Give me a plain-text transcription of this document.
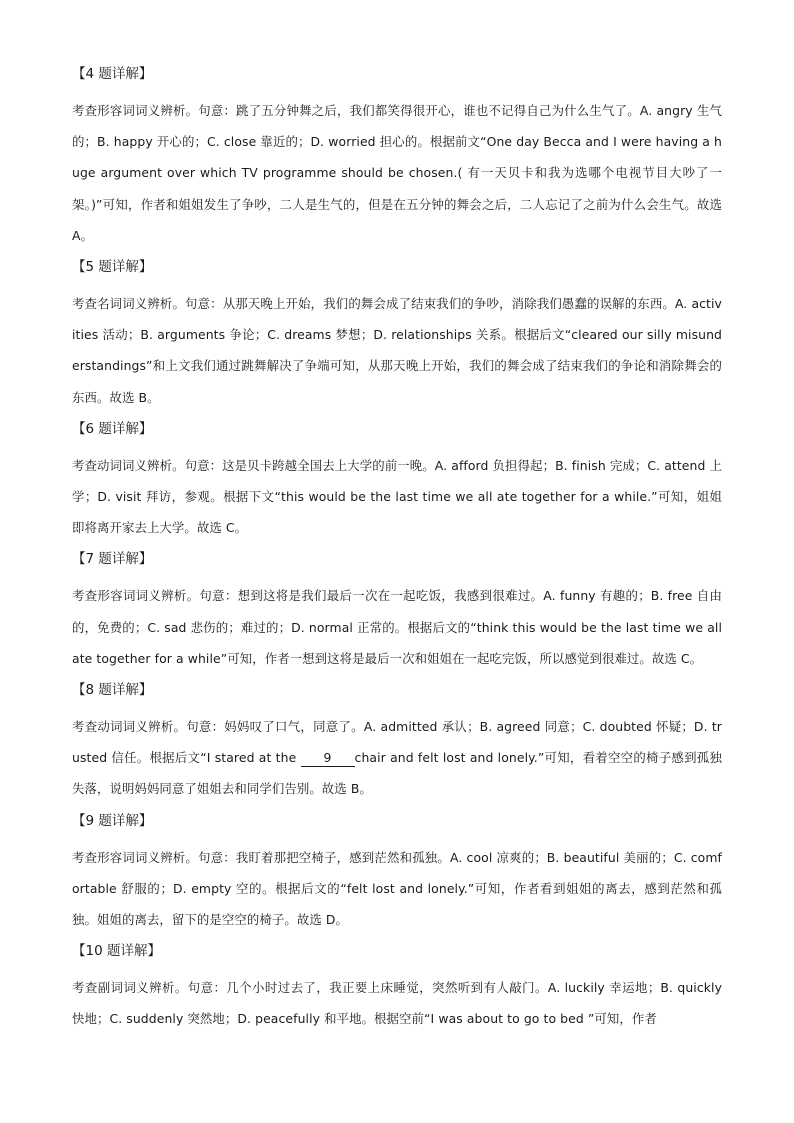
【4 题详解】

考查形容词词义辨析。句意：跳了五分钟舞之后，我们都笑得很开心，谁也不记得自己为什么生气了。A. angry 生气的；B. happy 开心的；C. close 靠近的；D. worried 担心的。根据前文“One day Becca and I were having a huge argument over which TV programme should be chosen.( 有一天贝卡和我为选哪个电视节目大吵了一架。)”可知，作者和姐姐发生了争吵，二人是生气的，但是在五分钟的舞会之后，二人忘记了之前为什么会生气。故选 A。

【5 题详解】

考查名词词义辨析。句意：从那天晚上开始，我们的舞会成了结束我们的争吵，消除我们愚蠢的误解的东西。A. activities 活动；B. arguments 争论；C. dreams 梦想；D. relationships 关系。根据后文“cleared our silly misunderstandings”和上文我们通过跳舞解决了争端可知，从那天晚上开始，我们的舞会成了结束我们的争论和消除舞会的东西。故选 B。

【6 题详解】

考查动词词义辨析。句意：这是贝卡跨越全国去上大学的前一晚。A. afford 负担得起；B. finish 完成；C. attend 上学；D. visit 拜访，参观。根据下文“this would be the last time we all ate together for a while.”可知，姐姐即将离开家去上大学。故选 C。

【7 题详解】

考查形容词词义辨析。句意：想到这将是我们最后一次在一起吃饭，我感到很难过。A. funny 有趣的；B. free 自由的，免费的；C. sad 悲伤的；难过的；D. normal 正常的。根据后文的“think this would be the last time we all ate together for a while”可知，作者一想到这将是最后一次和姐姐在一起吃完饭，所以感觉到很难过。故选 C。

【8 题详解】

考查动词词义辨析。句意：妈妈叹了口气，同意了。A. admitted 承认；B. agreed 同意；C. doubted 怀疑；D. trusted 信任。根据后文“I stared at the 9 chair and felt lost and lonely.”可知，看着空空的椅子感到孤独失落，说明妈妈同意了姐姐去和同学们告别。故选 B。

【9 题详解】

考查形容词词义辨析。句意：我盯着那把空椅子，感到茫然和孤独。A. cool 凉爽的；B. beautiful 美丽的；C. comfortable 舒服的；D. empty 空的。根据后文的“felt lost and lonely.”可知，作者看到姐姐的离去，感到茫然和孤独。姐姐的离去，留下的是空空的椅子。故选 D。

【10 题详解】

考查副词词义辨析。句意：几个小时过去了，我正要上床睡觉，突然听到有人敲门。A. luckily 幸运地；B. quickly 快地；C. suddenly 突然地；D. peacefully 和平地。根据空前“I was about to go to bed ”可知，作者
